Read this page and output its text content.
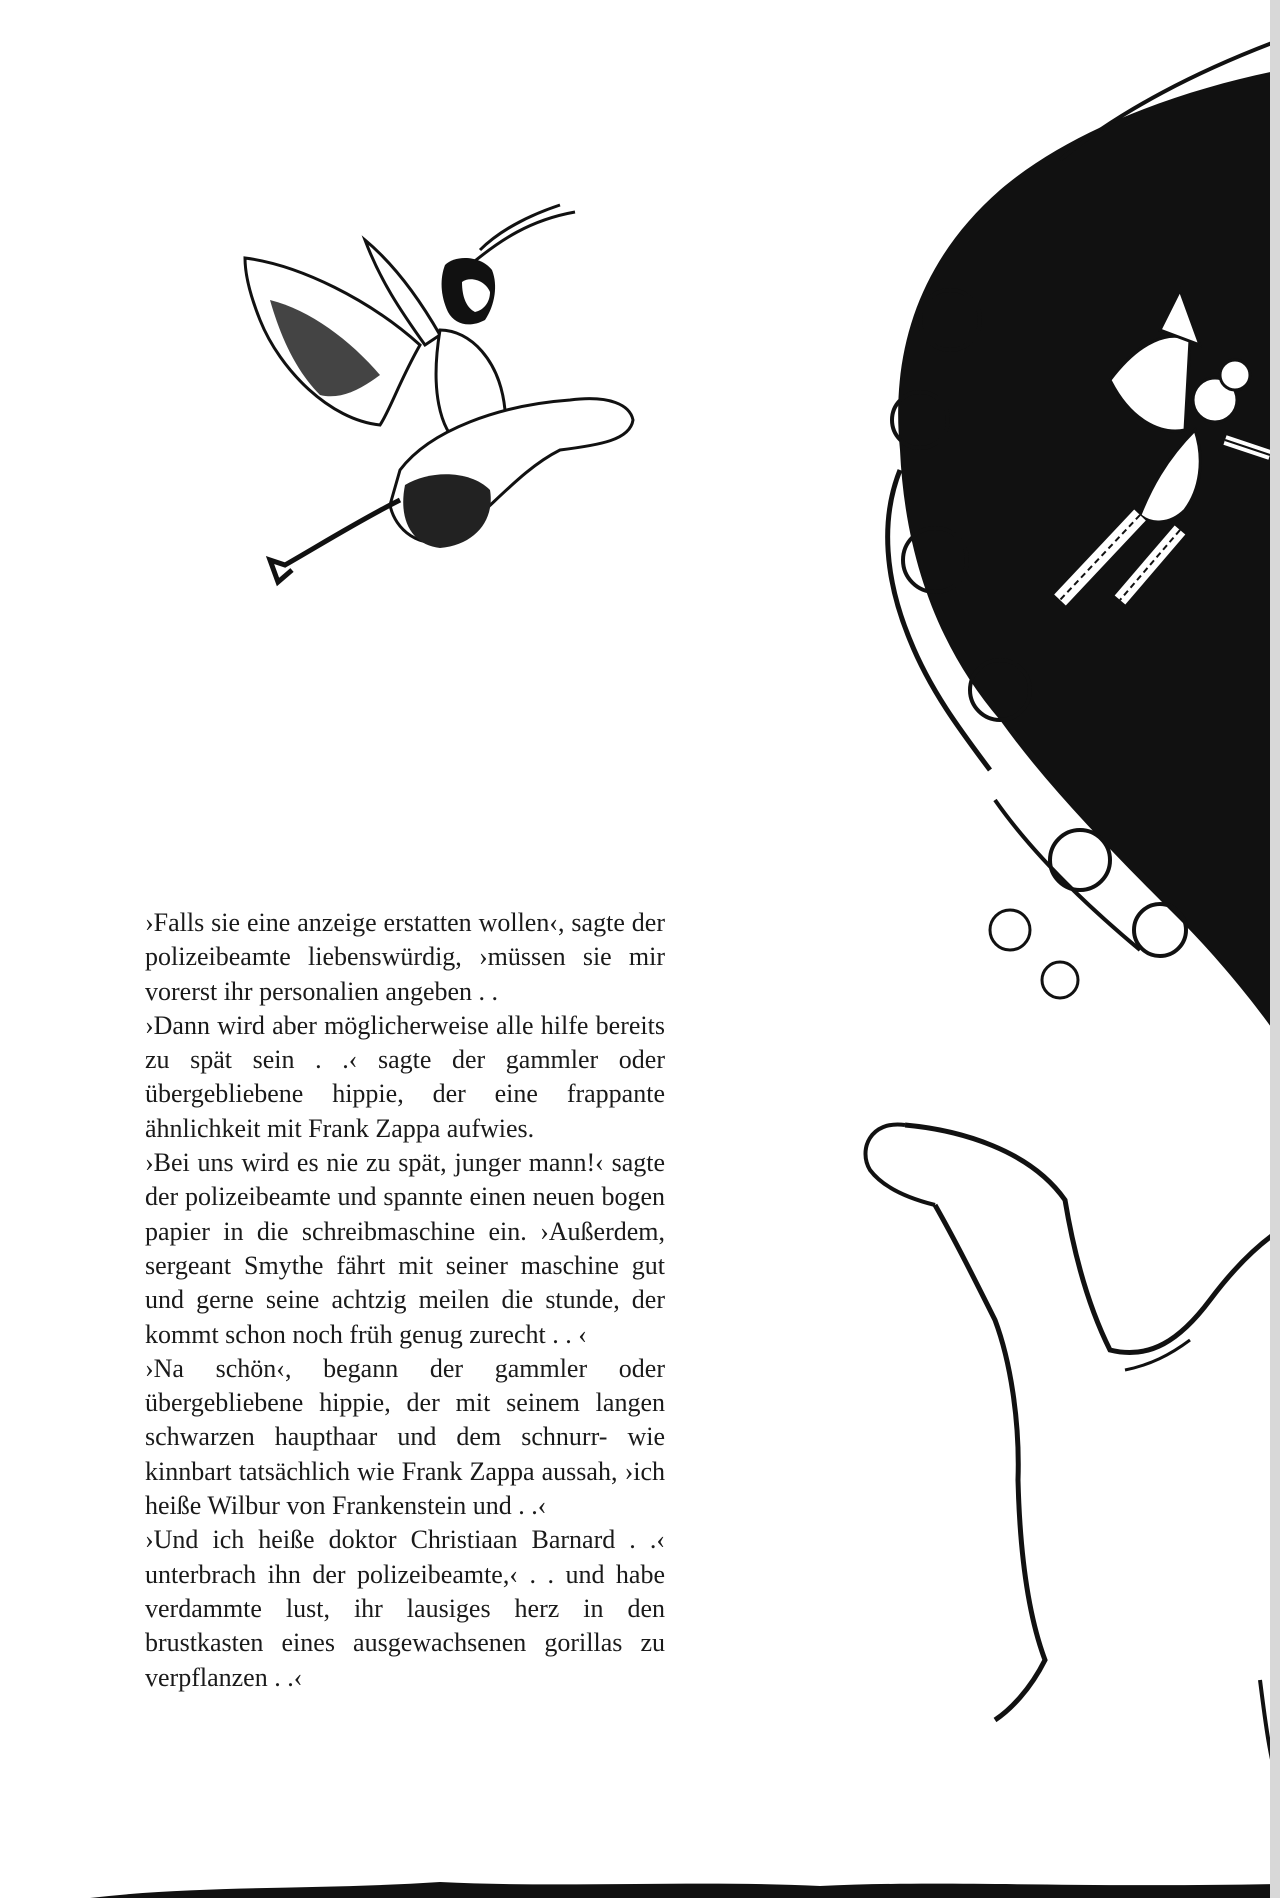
›Falls sie eine anzeige erstatten wollen‹, sagte der polizeibeamte liebenswürdig, ›müssen sie mir vorerst ihr personalien angeben . .

›Dann wird aber möglicherweise alle hilfe bereits zu spät sein . .‹ sagte der gammler oder übergebliebene hippie, der eine frappante ähnlichkeit mit Frank Zappa aufwies.

›Bei uns wird es nie zu spät, junger mann!‹ sagte der polizeibeamte und spannte einen neuen bogen papier in die schreibmaschine ein. ›Außerdem, sergeant Smythe fährt mit seiner maschine gut und gerne seine achtzig meilen die stunde, der kommt schon noch früh genug zurecht . . ‹

›Na schön‹, begann der gammler oder übergebliebene hippie, der mit seinem langen schwarzen haupthaar und dem schnurr- wie kinnbart tatsächlich wie Frank Zappa aussah, ›ich heiße Wilbur von Frankenstein und . .‹

›Und ich heiße doktor Christiaan Barnard . .‹ unterbrach ihn der polizeibeamte,‹ . . und habe verdammte lust, ihr lausiges herz in den brustkasten eines ausgewachsenen gorillas zu verpflanzen . .‹
